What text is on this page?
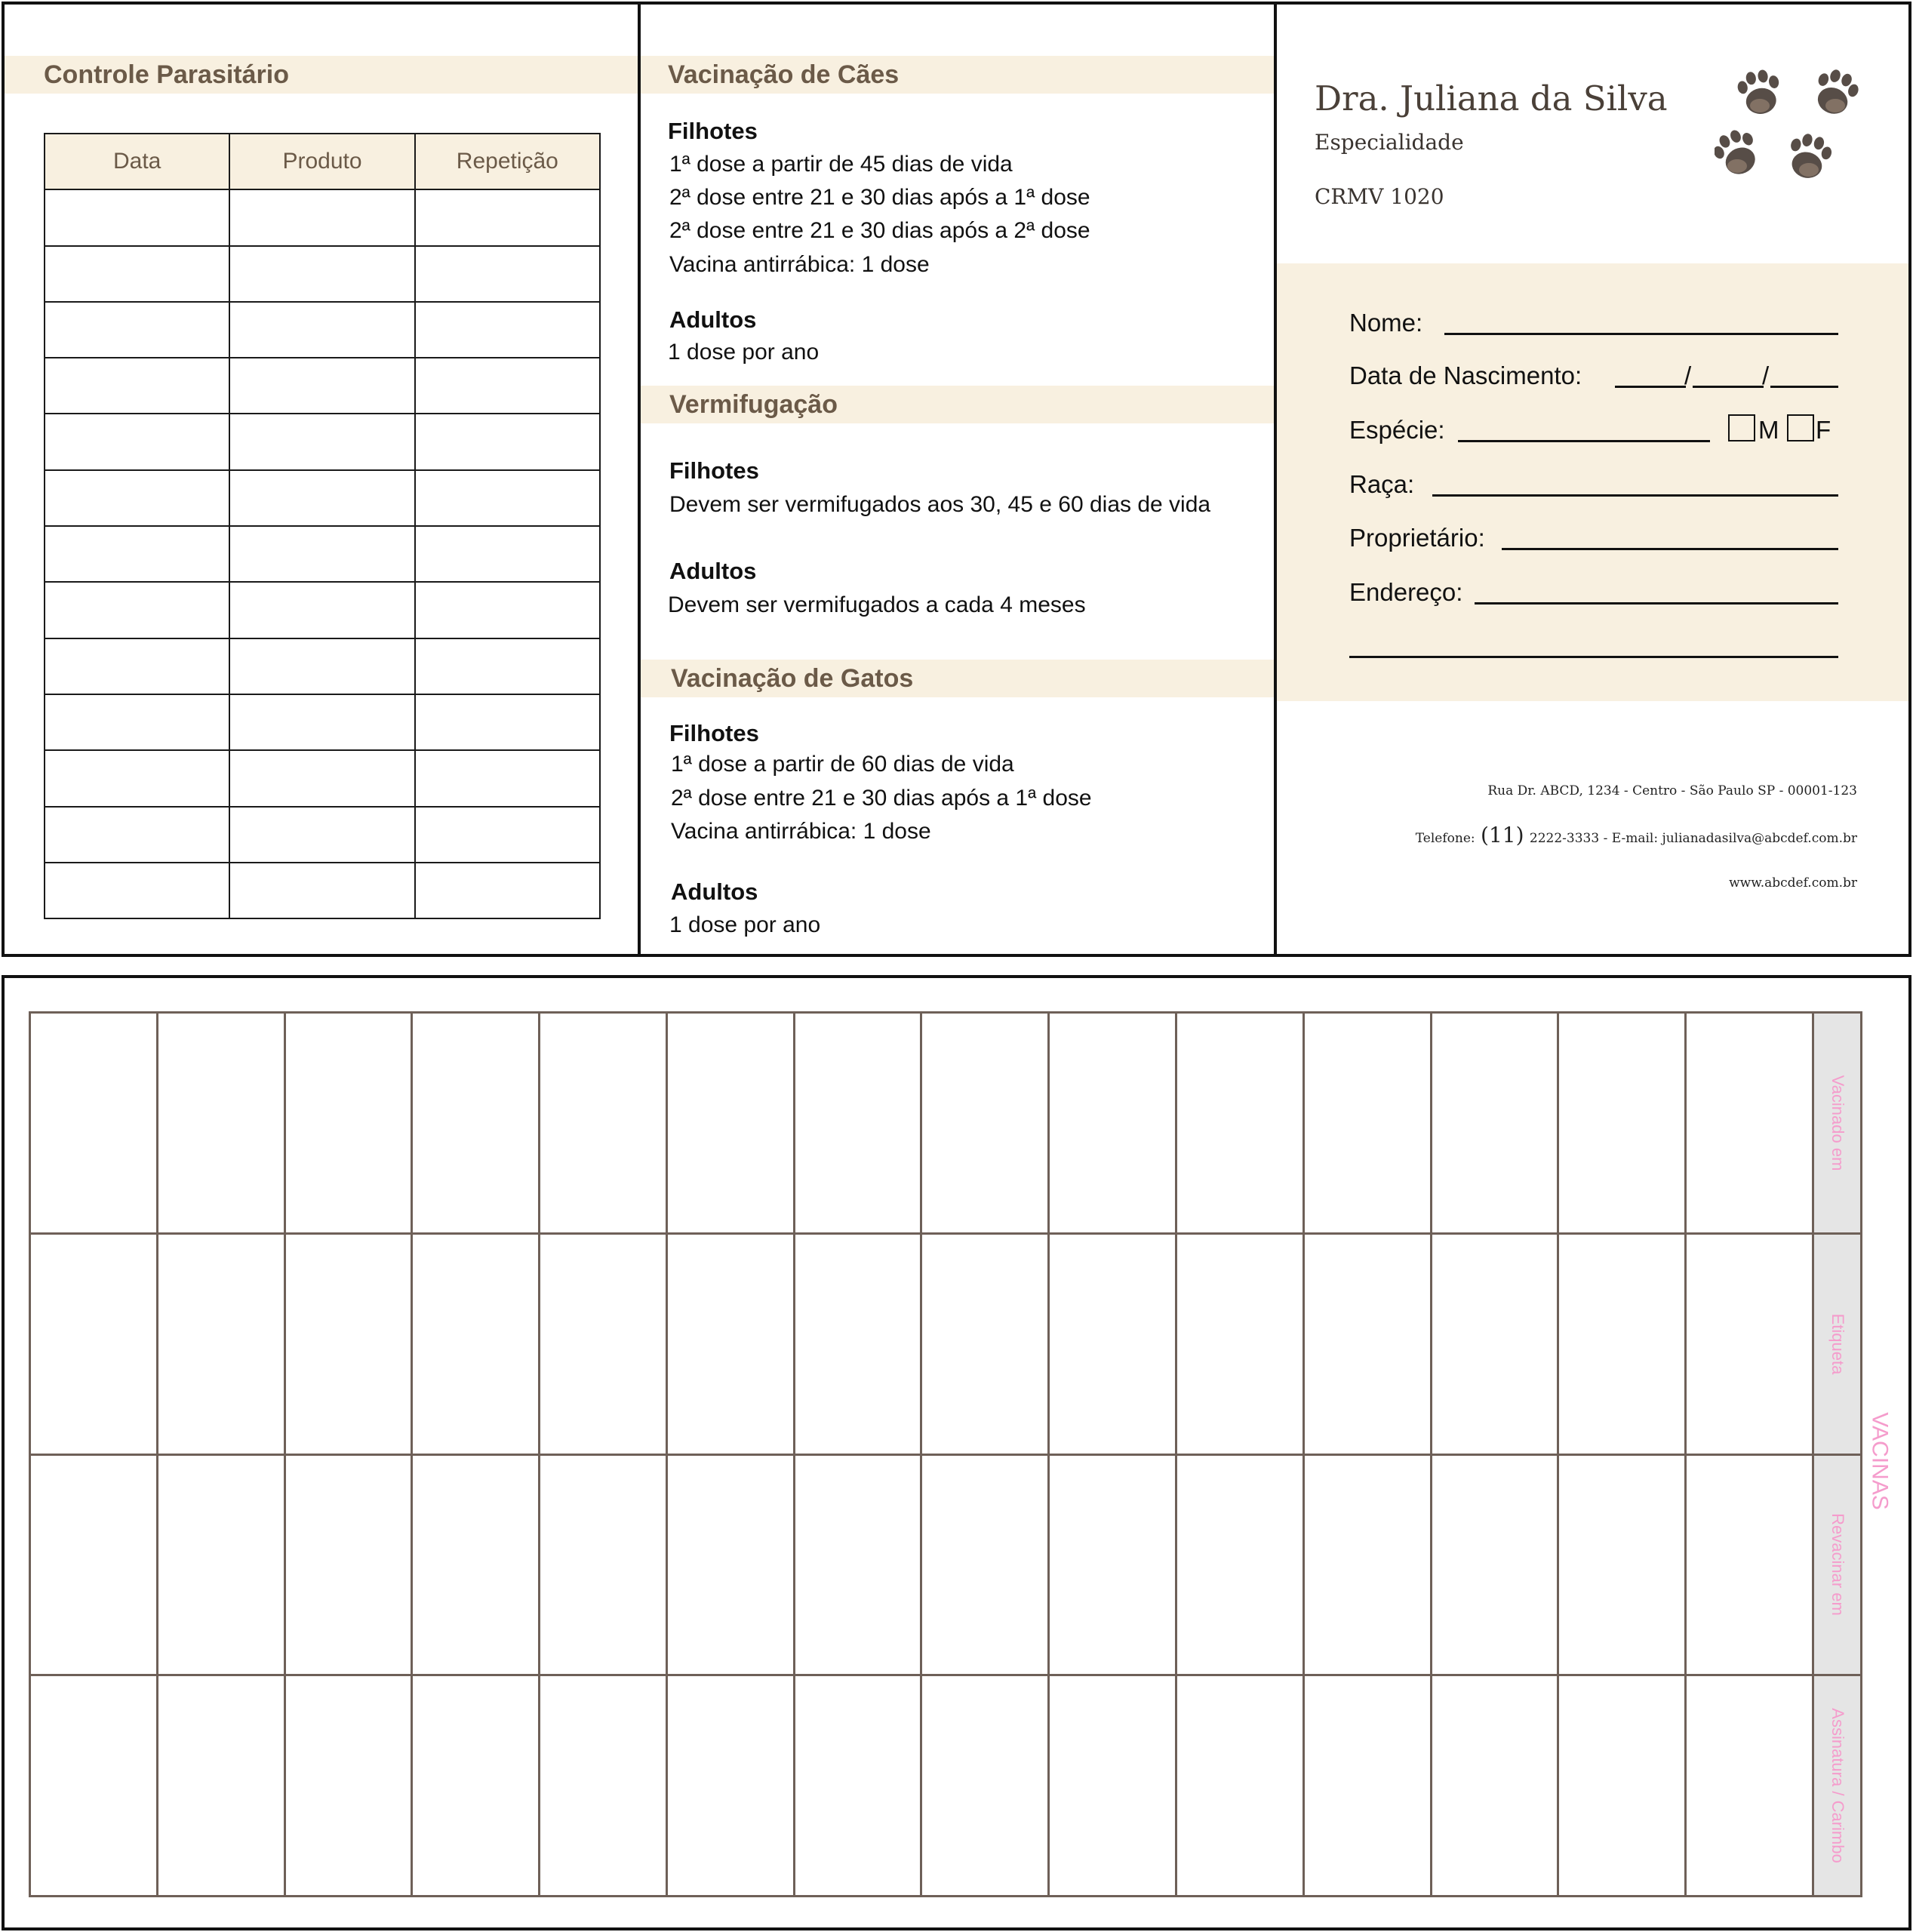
Controle Parasitário
Data	Produto	Repetição

Vacinação de Cães
Filhotes
1ª dose a partir de 45 dias de vida
2ª dose entre 21 e 30 dias após a 1ª dose
2ª dose entre 21 e 30 dias após a 2ª dose
Vacina antirrábica: 1 dose
Adultos
1 dose por ano
Vermifugação
Filhotes
Devem ser vermifugados aos 30, 45 e 60 dias de vida
Adultos
Devem ser vermifugados a cada 4 meses
Vacinação de Gatos
Filhotes
1ª dose a partir de 60 dias de vida
2ª dose entre 21 e 30 dias após a 1ª dose
Vacina antirrábica: 1 dose
Adultos
1 dose por ano
Dra. Juliana da Silva
Especialidade
CRMV 1020
Nome:
Data de Nascimento:	/	/
Espécie:	M F
Raça:
Proprietário:
Endereço:
Rua Dr. ABCD, 1234 - Centro - São Paulo SP - 00001-123
Telefone: (11) 2222-3333 - E-mail: julianadasilva@abcdef.com.br
www.abcdef.com.br

														Vacinado em

														Etiqueta

														Revacinar em

														Assinatura / Carimbo
VACINAS
